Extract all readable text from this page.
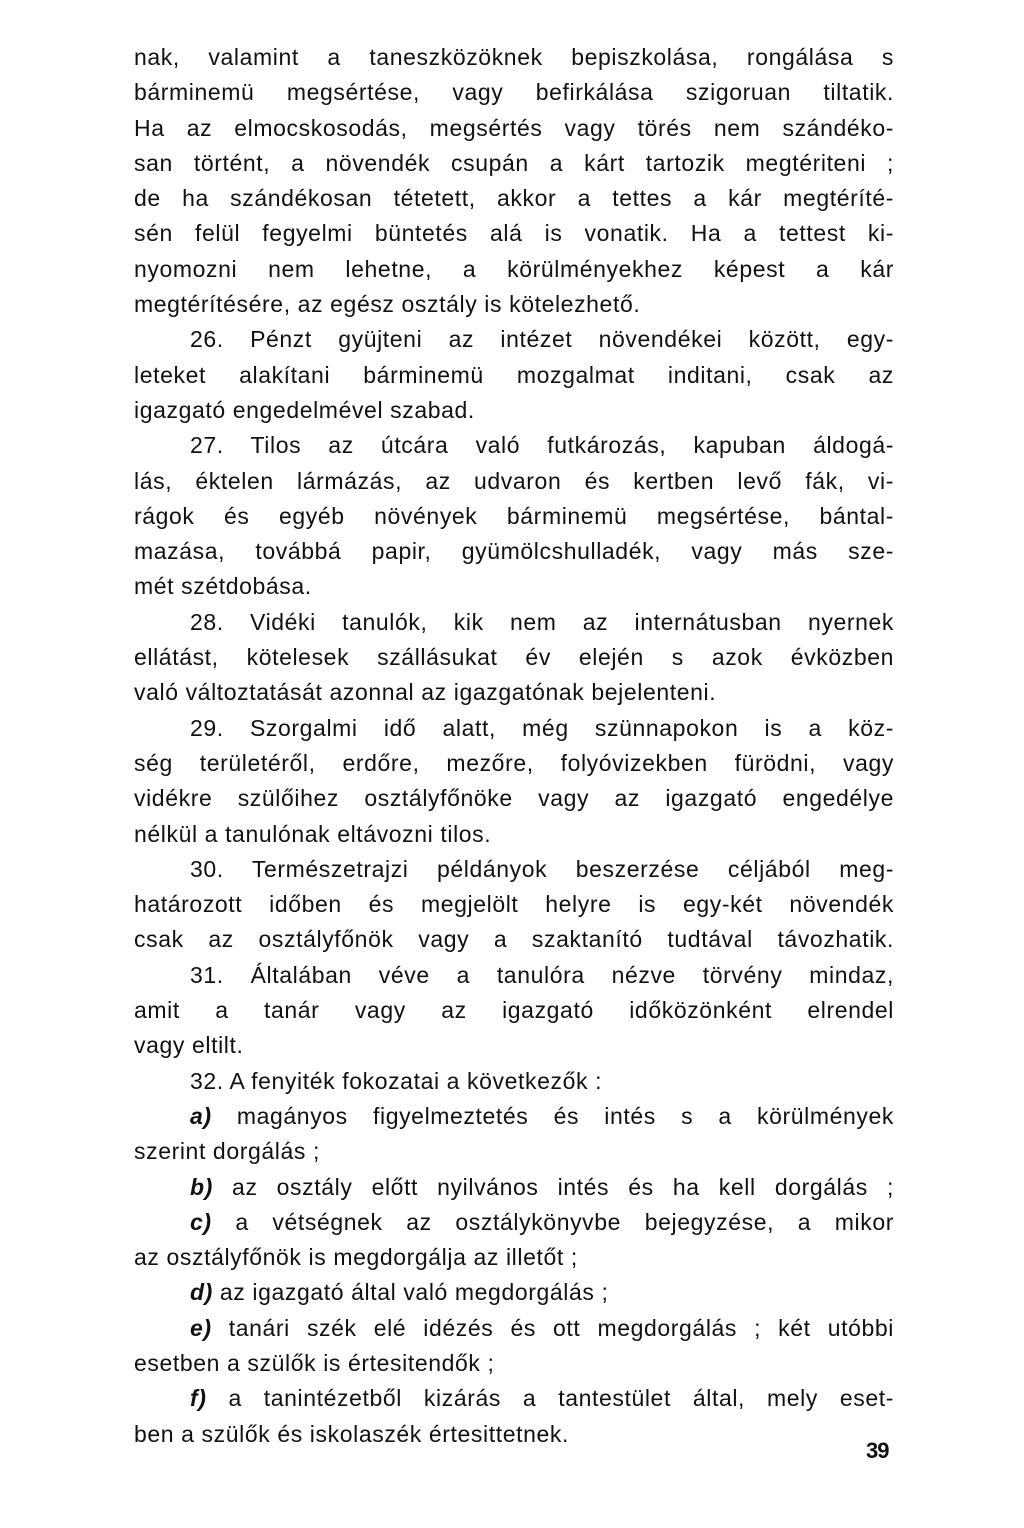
nak, valamint a taneszközöknek bepiszkolása, rongálása s
bárminemü megsértése, vagy befirkálása szigoruan tiltatik.
Ha az elmocskosodás, megsértés vagy törés nem szándéko-
san történt, a növendék csupán a kárt tartozik megtériteni ;
de ha szándékosan tétetett, akkor a tettes a kár megtéríté-
sén felül fegyelmi büntetés alá is vonatik. Ha a tettest ki-
nyomozni nem lehetne, a körülményekhez képest a kár
megtérítésére, az egész osztály is kötelezhető.
26. Pénzt gyüjteni az intézet növendékei között, egy-
leteket alakítani bárminemü mozgalmat inditani, csak az
igazgató engedelmével szabad.
27. Tilos az útcára való futkározás, kapuban áldogá-
lás, éktelen lármázás, az udvaron és kertben levő fák, vi-
rágok és egyéb növények bárminemü megsértése, bántal-
mazása, továbbá papir, gyümölcshulladék, vagy más sze-
mét szétdobása.
28. Vidéki tanulók, kik nem az internátusban nyernek
ellátást, kötelesek szállásukat év elején s azok évközben
való változtatását azonnal az igazgatónak bejelenteni.
29. Szorgalmi idő alatt, még szünnapokon is a köz-
ség területéről, erdőre, mezőre, folyóvizekben fürödni, vagy
vidékre szülőihez osztályfőnöke vagy az igazgató engedélye
nélkül a tanulónak eltávozni tilos.
30. Természetrajzi példányok beszerzése céljából meg-
határozott időben és megjelölt helyre is egy-két növendék
csak az osztályfőnök vagy a szaktanító tudtával távozhatik.
31. Általában véve a tanulóra nézve törvény mindaz,
amit a tanár vagy az igazgató időközönként elrendel
vagy eltilt.
32. A fenyiték fokozatai a következők :
a) magányos figyelmeztetés és intés s a körülmények
szerint dorgálás ;
b) az osztály előtt nyilvános intés és ha kell dorgálás ;
c) a vétségnek az osztálykönyvbe bejegyzése, a mikor
az osztályfőnök is megdorgálja az illetőt ;
d) az igazgató által való megdorgálás ;
e) tanári szék elé idézés és ott megdorgálás ; két utóbbi
esetben a szülők is értesitendők ;
f) a tanintézetből kizárás a tantestület által, mely eset-
ben a szülők és iskolaszék értesittetnek.
39
